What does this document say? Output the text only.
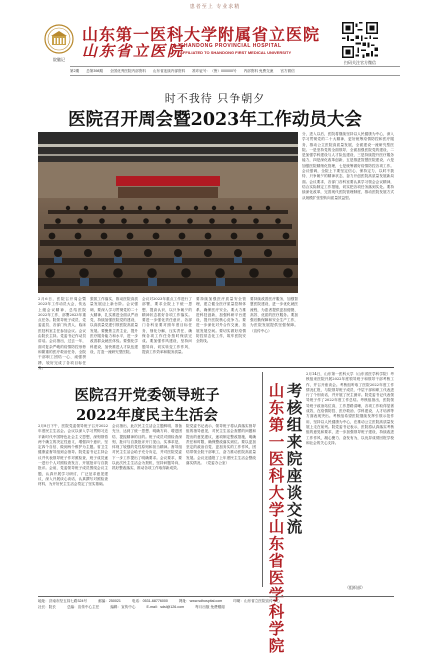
患者至上 专业求精
院徽记
山东第一医科大学附属省立医院
山东省立医院
SHANDONG PROVINCIAL HOSPITAL
AFFILIATED TO SHANDONG FIRST MEDICAL UNIVERSITY
扫码关注官方微信
第2期 总第398期 全国优秀医院内部资料 山东省连续内部资料 准印证号：（鲁）000000号 内部资料 免费交流 官方微信
时不我待 只争朝夕
医院召开周会暨2023年工作动员大会

分，进入以后，医院将继续坚持以人民健康为中心，深入学习贯彻党的二十大精神，更好统筹疫情防控和医疗服务，推动公立医院高质量发展，全面建设一流研究型医院。一是坚持党的全面领导，全面加强医院党的建设，二是加强学科建设与人才队伍建设，三是持续提升医疗服务能力，四是深化改革创新，五是推进智慧医院建设，六是加强医院精细化管理，七是统筹做好疫情防控各项工作。会议强调，全院上下要坚定信心、保持定力，以时不我待、只争朝夕的精神状态，奋力开创医院高质量发展新局面。会议要求，各部门各科室要认真学习领会会议精神，结合实际制定工作措施，切实把各项任务落到实处。要持续深化改革，完善现代医院管理制度，推动医院发展方式从规模扩张型转向质量效益型。

2月6日，医院召开周会暨2023年工作动员大会，传达上级会议精神，总结医院2022年工作，部署2023年重点任务。院领导班子成员、党委委员、各部门负责人、临床医技科室主任参加会议。会议由院长主持。党委书记作动员讲话。会议指出，过去一年，面对复杂严峻的疫情防控形势和繁重的医疗救治任务，全院干部职工团结一心、顽强拼搏，较好完成了各项目标任务。

狠抓工作落实，推动医院高质量发展迈上新台阶。会议强调，要深入学习贯彻党的二十大精神，扎实推进全面从严治党，持续加强医院党的建设，以高质量党建引领医院高质量发展。要聚焦主责主业，提升医疗服务能力和水平，进一步改善群众就医体验。要强化学科建设，加快推进人才队伍建设，打造一流研究型医院。

会议对2023年重点工作进行了部署，要求全院上下统一思想、提高认识，以只争朝夕的精神状态抓好各项工作落实。要进一步强化责任意识，各部门各科室要对照年度目标任务，细化分解，压实责任，确保各项工作任务按时保质完成。要加强作风建设，坚持问题导向，切实转变工作作风，提高工作效率和服务质量。

要持续加强医疗质量安全管理，建立健全医疗质量控制体系，确保医疗安全。要大力推进科技创新，加强科研平台建设，提升医院核心竞争力。要进一步深化对外合作交流，拓展发展空间。要切实做好疫情防控常态化工作，筑牢医院安全防线。

要持续改善医疗服务，加强智慧医院建设，进一步优化就医流程，为患者提供更加便捷、高效、优质的医疗服务。要加强后勤保障和安全生产工作，为医院发展提供坚强保障。（宣传中心）

医院召开党委领导班子
2022年度民主生活会

2月8日下午，医院党委领导班子召开2022年度民主生活会。会议以深入学习贯彻习近平新时代中国特色社会主义思想，深刻领悟两个确立的决定性意义，增强四个意识、坚定四个自信、做到两个维护为主题。省卫生健康委督导组到会指导。院党委书记主持会议并代表领导班子作对照检查，班子成员逐一进行个人对照检查发言，开展批评与自我批评。会前，党委领导班子成员围绕会议主题，认真开展学习研讨，广泛征求意见建议，深入开展谈心谈话，认真撰写对照检查材料，为开好民主生活会奠定了坚实基础。

会议指出，此次民主生活会主题鲜明、准备充分，达到了统一思想、明确方向、增进团结、提振精神的目的。班子成员对照检查深刻，批评与自我批评开门见山、实事求是，体现了较强的党性原则和担当精神。督导组对民主生活会给予充分肯定，并对医院党委下一步工作提出了明确要求。会议要求，要以此次民主生活会为契机，坚持问题导向，抓好整改落实，推动各项工作取得新成效。

院党委书记表示，领导班子将认真落实督导组的指导意见，对民主生活会查摆的问题和提出的意见建议，逐项制定整改措施，明确责任和时限，确保整改落实到位。要以更加坚定的政治自觉、更加务实的工作作风，团结带领全院干部职工，奋力推动医院高质量发展。会议还通报了上年度民主生活会整改落实情况。（党委办公室）

山
东
第
一
医
科
大
学
山
东
省
医
学
科
学
院
考
核
组
来
院
座
谈
交
流

2月14日，山东第一医科大学（山东省医学科学院）考核组来医院开展2022年度领导班子和领导干部考核工作，并召开座谈会。考核组听取了医院2022年度工作情况汇报，与院领导班子成员、中层干部和职工代表进行了个别谈话，并开展了民主测评。院党委书记代表领导班子作了2022年度工作总结。考核组指出，医院领导班子政治站位高，工作思路清晰，各项工作取得显著成效，在疫情防控、医疗救治、学科建设、人才培养等方面表现突出。考核组希望医院继续发挥引领示范作用，坚持以人民健康为中心，在推动公立医院高质量发展上走在前列。院党委书记表示，医院将认真落实考核组的意见和要求，进一步加强领导班子建设，持续改进工作作风，凝心聚力、奋发有为，以优异成绩回报学校和社会的关心支持。

（组织部）
地址：济南市经五纬七路324号	邮编：250021	电话：0531-68776000	网址：www.sdhospital.com	印刷：山东省立医院宣传中心
社长：院长	总编：宣传中心主任	编辑：宣传中心	E-mail：sdsl@126.com	每月出版 免费赠阅
